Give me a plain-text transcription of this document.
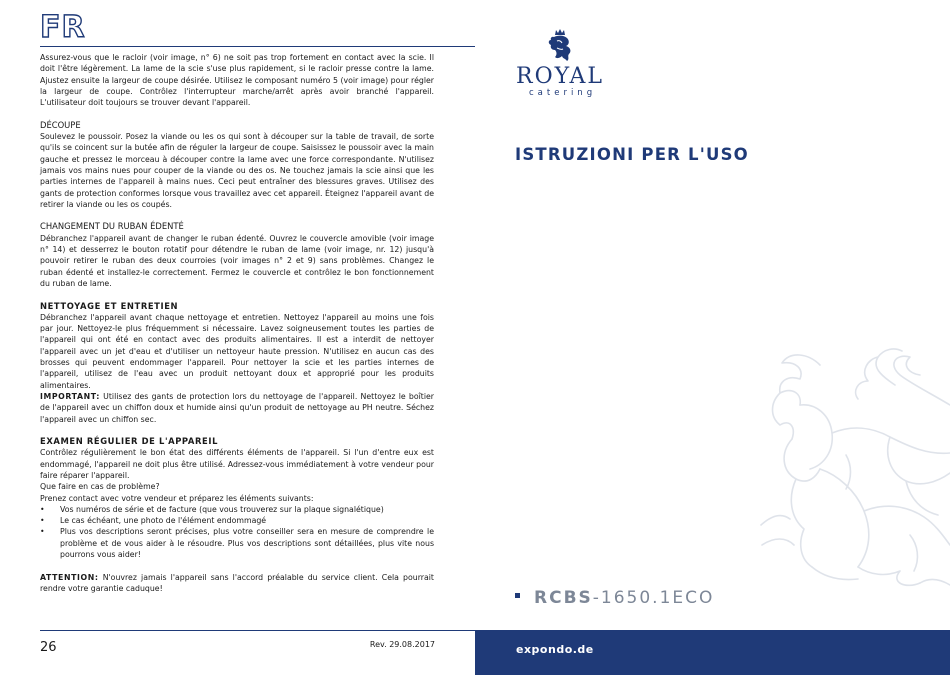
FR

Assurez-vous que le racloir (voir image, n° 6) ne soit pas trop fortement en contact avec la scie. Il doit l'être légèrement. La lame de la scie s'use plus rapidement, si le racloir presse contre la lame. Ajustez ensuite la largeur de coupe désirée. Utilisez le composant numéro 5 (voir image) pour régler la largeur de coupe. Contrôlez l'interrupteur marche/arrêt après avoir branché l'appareil. L'utilisateur doit toujours se trouver devant l'appareil.

DÉCOUPE

Soulevez le poussoir. Posez la viande ou les os qui sont à découper sur la table de travail, de sorte qu'ils se coincent sur la butée afin de réguler la largeur de coupe. Saisissez le poussoir avec la main gauche et pressez le morceau à découper contre la lame avec une force correspondante. N'utilisez jamais vos mains nues pour couper de la viande ou des os. Ne touchez jamais la scie ainsi que les parties internes de l'appareil à mains nues. Ceci peut entraîner des blessures graves. Utilisez des gants de protection conformes lorsque vous travaillez avec cet appareil. Éteignez l'appareil avant de retirer la viande ou les os coupés.

CHANGEMENT DU RUBAN ÉDENTÉ

Débranchez l'appareil avant de changer le ruban édenté. Ouvrez le couvercle amovible (voir image n° 14) et desserrez le bouton rotatif pour détendre le ruban de lame (voir image, nr. 12) jusqu'à pouvoir retirer le ruban des deux courroies (voir images n° 2 et 9) sans problèmes. Changez le ruban édenté et installez-le correctement. Fermez le couvercle et contrôlez le bon fonctionnement du ruban de lame.

NETTOYAGE ET ENTRETIEN

Débranchez l'appareil avant chaque nettoyage et entretien. Nettoyez l'appareil au moins une fois par jour. Nettoyez-le plus fréquemment si nécessaire. Lavez soigneusement toutes les parties de l'appareil qui ont été en contact avec des produits alimentaires. Il est a interdit de nettoyer l'appareil avec un jet d'eau et d'utiliser un nettoyeur haute pression. N'utilisez en aucun cas des brosses qui peuvent endommager l'appareil. Pour nettoyer la scie et les parties internes de l'appareil, utilisez de l'eau avec un produit nettoyant doux et approprié pour les produits alimentaires.

IMPORTANT: Utilisez des gants de protection lors du nettoyage de l'appareil. Nettoyez le boîtier de l'appareil avec un chiffon doux et humide ainsi qu'un produit de nettoyage au PH neutre. Séchez l'appareil avec un chiffon sec.

EXAMEN RÉGULIER DE L'APPAREIL

Contrôlez régulièrement le bon état des différents éléments de l'appareil. Si l'un d'entre eux est endommagé, l'appareil ne doit plus être utilisé. Adressez-vous immédiatement à votre vendeur pour faire réparer l'appareil.

Que faire en cas de problème?

Prenez contact avec votre vendeur et préparez les éléments suivants:

• Vos numéros de série et de facture (que vous trouverez sur la plaque signalétique)
• Le cas échéant, une photo de l'élément endommagé
• Plus vos descriptions seront précises, plus votre conseiller sera en mesure de comprendre le problème et de vous aider à le résoudre. Plus vos descriptions sont détaillées, plus vite nous pourrons vous aider!

ATTENTION: N'ouvrez jamais l'appareil sans l'accord préalable du service client. Cela pourrait rendre votre garantie caduque!

26	Rev. 29.08.2017
ROYAL
catering
ISTRUZIONI PER L'USO
RCBS-1650.1ECO
expondo.de
